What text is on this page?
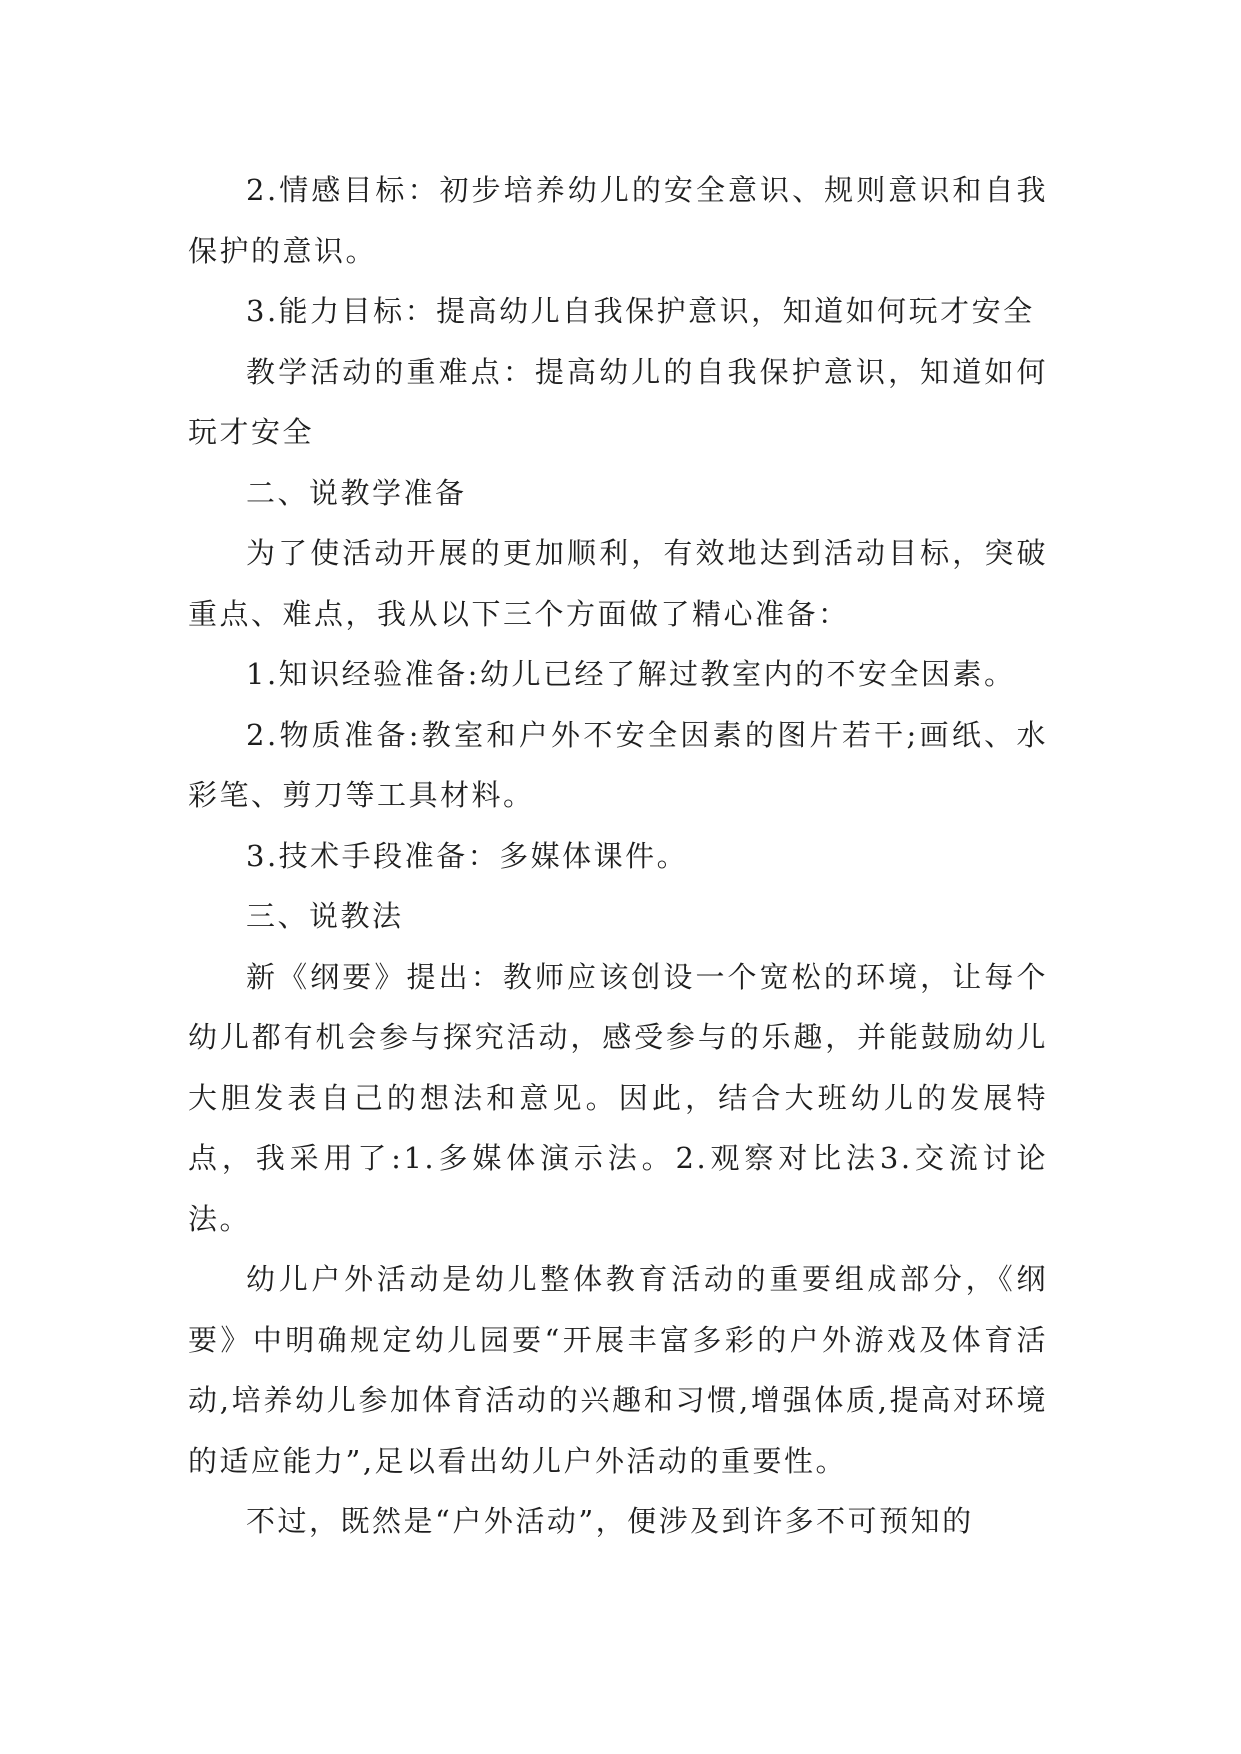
2.情感目标：初步培养幼儿的安全意识、规则意识和自我保护的意识。

3.能力目标：提高幼儿自我保护意识，知道如何玩才安全

教学活动的重难点：提高幼儿的自我保护意识，知道如何玩才安全

二、说教学准备

为了使活动开展的更加顺利，有效地达到活动目标，突破重点、难点，我从以下三个方面做了精心准备：

1.知识经验准备:幼儿已经了解过教室内的不安全因素。

2.物质准备:教室和户外不安全因素的图片若干;画纸、水彩笔、剪刀等工具材料。

3.技术手段准备：多媒体课件。

三、说教法

新《纲要》提出：教师应该创设一个宽松的环境，让每个幼儿都有机会参与探究活动，感受参与的乐趣，并能鼓励幼儿大胆发表自己的想法和意见。因此，结合大班幼儿的发展特点，我采用了:1.多媒体演示法。2.观察对比法3.交流讨论法。

幼儿户外活动是幼儿整体教育活动的重要组成部分，《纲要》中明确规定幼儿园要“开展丰富多彩的户外游戏及体育活动,培养幼儿参加体育活动的兴趣和习惯,增强体质,提高对环境的适应能力”,足以看出幼儿户外活动的重要性。

不过，既然是“户外活动”，便涉及到许多不可预知的
